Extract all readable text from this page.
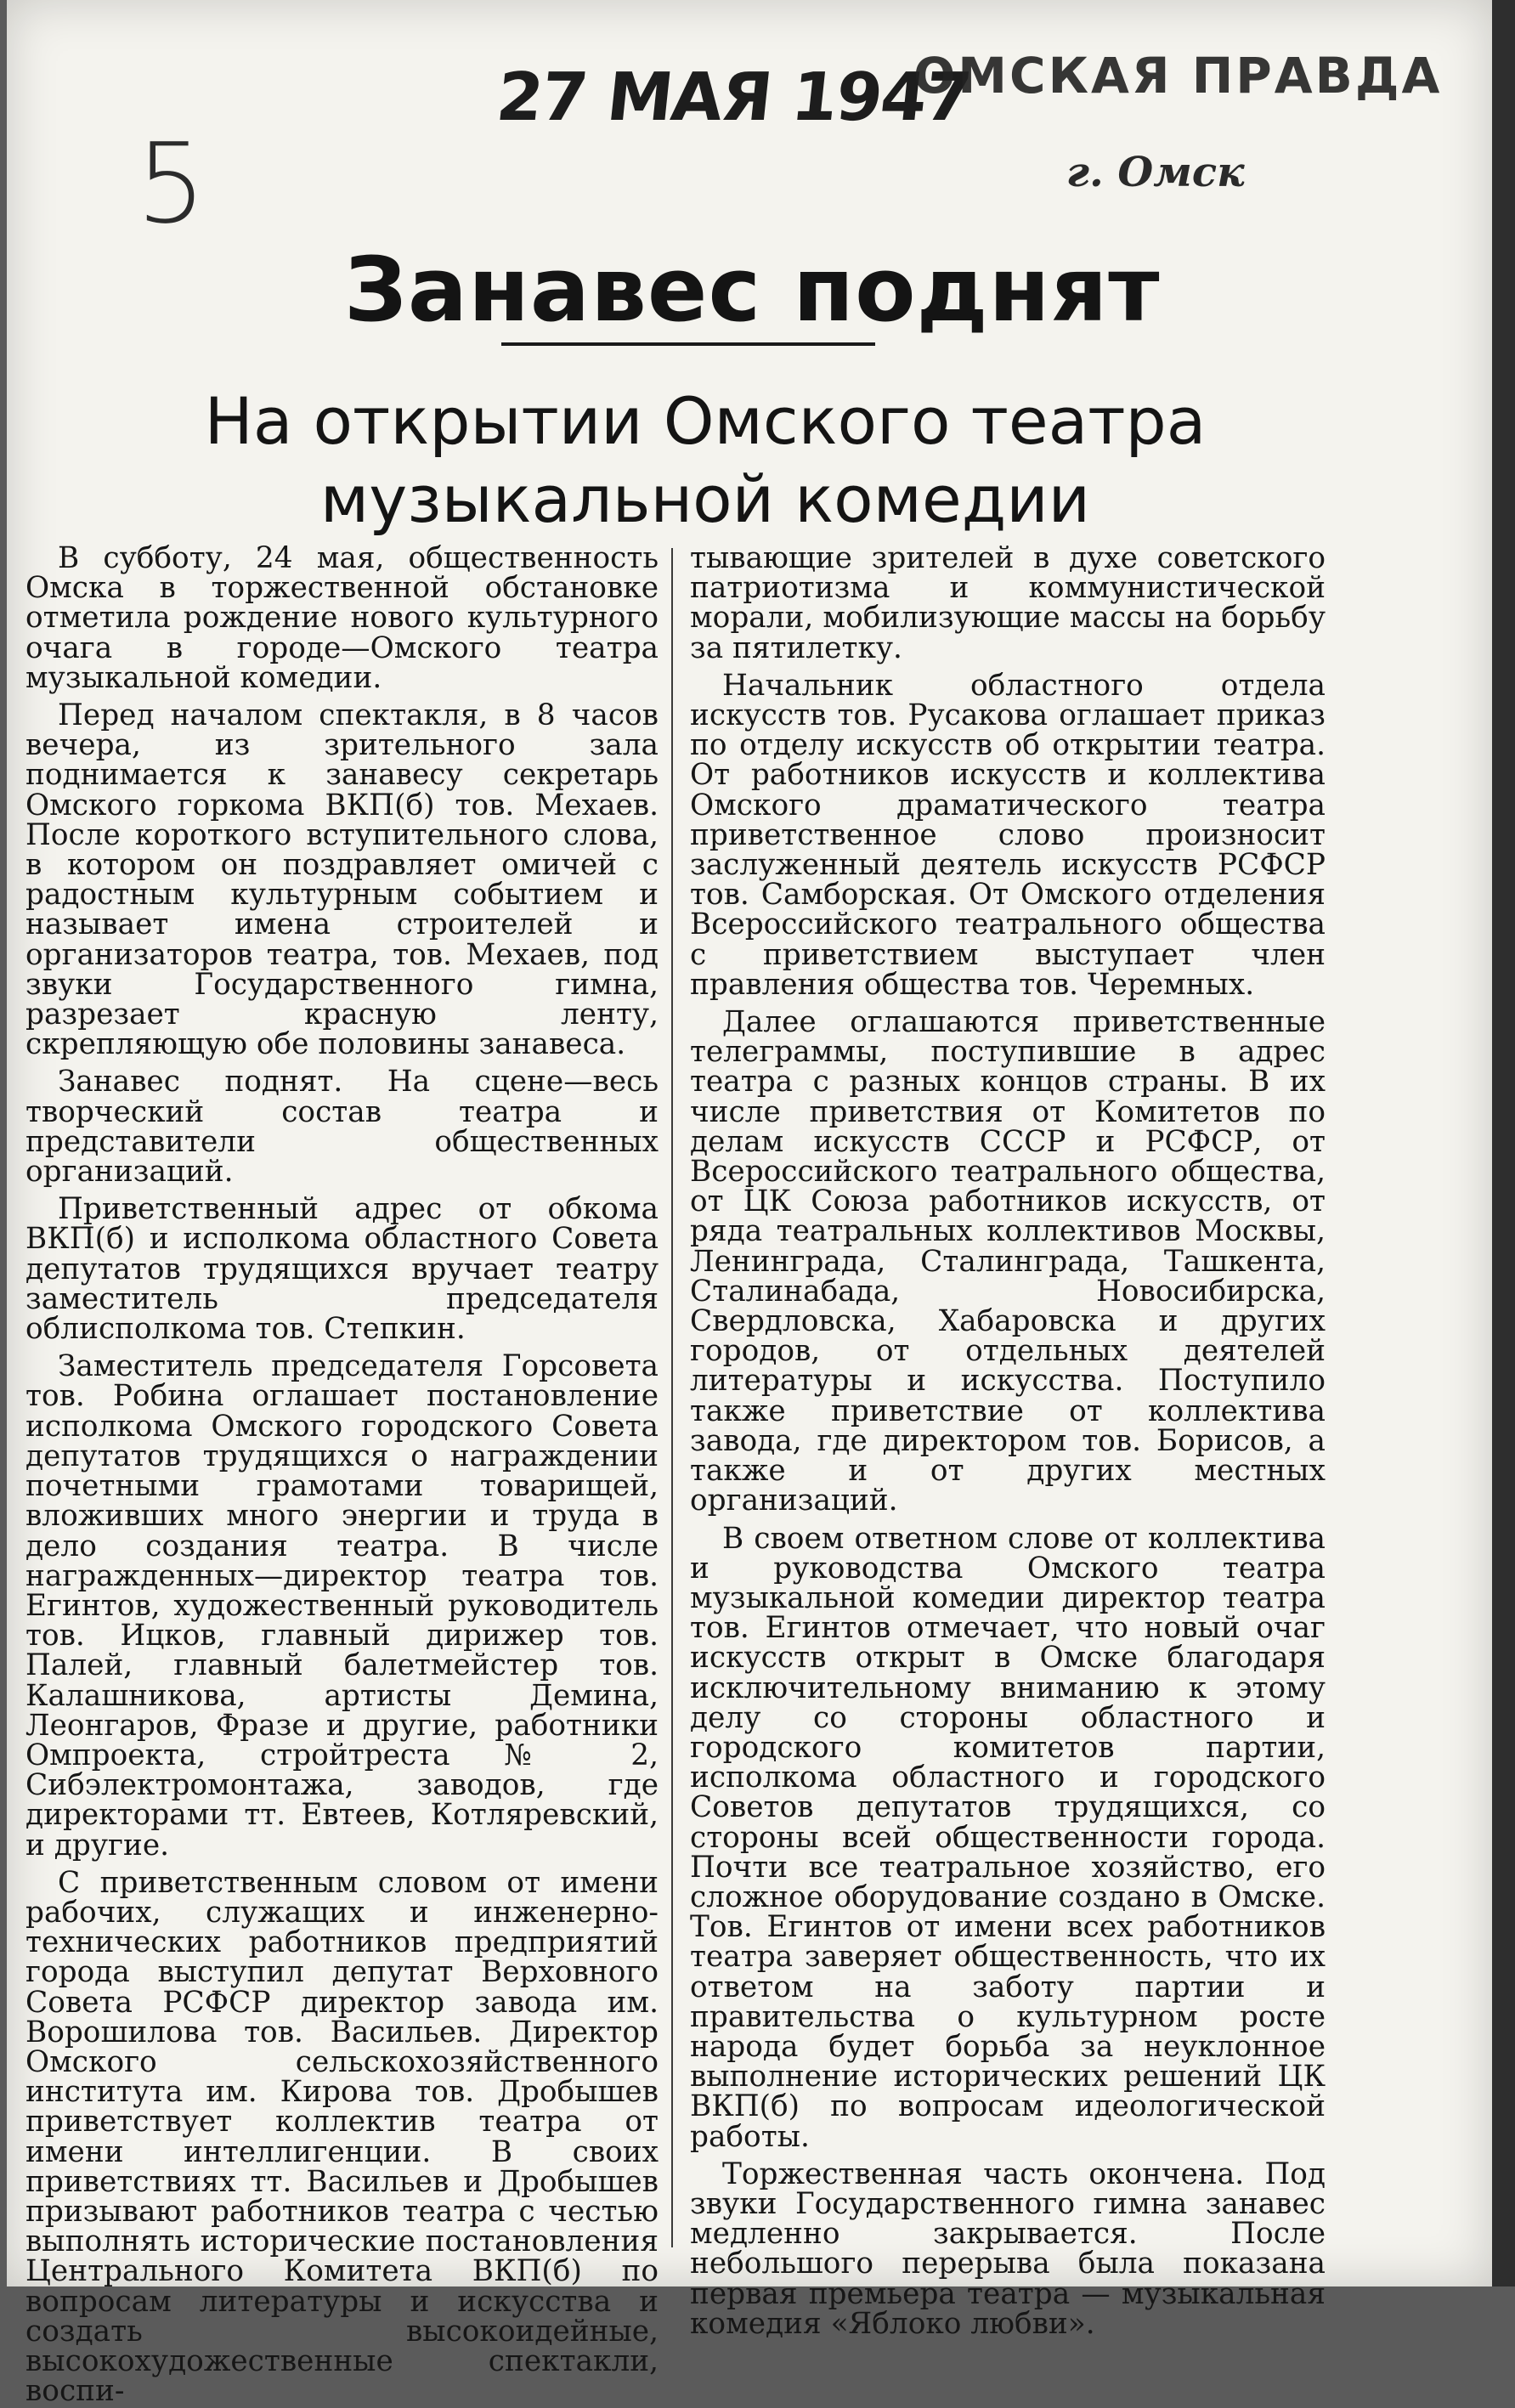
5
27 МАЯ 1947
ОМСКАЯ ПРАВДА
г. Омск
Занавес поднят
На открытии Омского театра музыкальной комедии

В субботу, 24 мая, общественность Омска в торжественной обстановке отметила рождение нового культурного очага в городе—Омского театра музыкальной комедии.

Перед началом спектакля, в 8 часов вечера, из зрительного зала поднимается к занавесу секретарь Омского горкома ВКП(б) тов. Мехаев. После короткого вступительного слова, в котором он поздравляет омичей с радостным культурным событием и называет имена строителей и организаторов театра, тов. Мехаев, под звуки Государственного гимна, разрезает красную ленту, скрепляющую обе половины занавеса.

Занавес поднят. На сцене—весь творческий состав театра и представители общественных организаций.

Приветственный адрес от обкома ВКП(б) и исполкома областного Совета депутатов трудящихся вручает театру заместитель председателя облисполкома тов. Степкин.

Заместитель председателя Горсовета тов. Робина оглашает постановление исполкома Омского городского Совета депутатов трудящихся о награждении почетными грамотами товарищей, вложивших много энергии и труда в дело создания театра. В числе награжденных—директор театра тов. Егинтов, художественный руководитель тов. Ицков, главный дирижер тов. Палей, главный балетмейстер тов. Калашникова, артисты Демина, Леонгаров, Фразе и другие, работники Омпроекта, стройтреста № 2, Сибэлектромонтажа, заводов, где директорами тт. Евтеев, Котляревский, и другие.

С приветственным словом от имени рабочих, служащих и инженерно-технических работников предприятий города выступил депутат Верховного Совета РСФСР директор завода им. Ворошилова тов. Васильев. Директор Омского сельскохозяйственного института им. Кирова тов. Дробышев приветствует коллектив театра от имени интеллигенции. В своих приветствиях тт. Васильев и Дробышев призывают работников театра с честью выполнять исторические постановления Центрального Комитета ВКП(б) по вопросам литературы и искусства и создать высокоидейные, высокохудожественные спектакли, воспи-

тывающие зрителей в духе советского патриотизма и коммунистической морали, мобилизующие массы на борьбу за пятилетку.

Начальник областного отдела искусств тов. Русакова оглашает приказ по отделу искусств об открытии театра. От работников искусств и коллектива Омского драматического театра приветственное слово произносит заслуженный деятель искусств РСФСР тов. Самборская. От Омского отделения Всероссийского театрального общества с приветствием выступает член правления общества тов. Черемных.

Далее оглашаются приветственные телеграммы, поступившие в адрес театра с разных концов страны. В их числе приветствия от Комитетов по делам искусств СССР и РСФСР, от Всероссийского театрального общества, от ЦК Союза работников искусств, от ряда театральных коллективов Москвы, Ленинграда, Сталинграда, Ташкента, Сталинабада, Новосибирска, Свердловска, Хабаровска и других городов, от отдельных деятелей литературы и искусства. Поступило также приветствие от коллектива завода, где директором тов. Борисов, а также и от других местных организаций.

В своем ответном слове от коллектива и руководства Омского театра музыкальной комедии директор театра тов. Егинтов отмечает, что новый очаг искусств открыт в Омске благодаря исключительному вниманию к этому делу со стороны областного и городского комитетов партии, исполкома областного и городского Советов депутатов трудящихся, со стороны всей общественности города. Почти все театральное хозяйство, его сложное оборудование создано в Омске. Тов. Егинтов от имени всех работников театра заверяет общественность, что их ответом на заботу партии и правительства о культурном росте народа будет борьба за неуклонное выполнение исторических решений ЦК ВКП(б) по вопросам идеологической работы.

Торжественная часть окончена. Под звуки Государственного гимна занавес медленно закрывается. После небольшого перерыва была показана первая премьера театра — музыкальная комедия «Яблоко любви».
